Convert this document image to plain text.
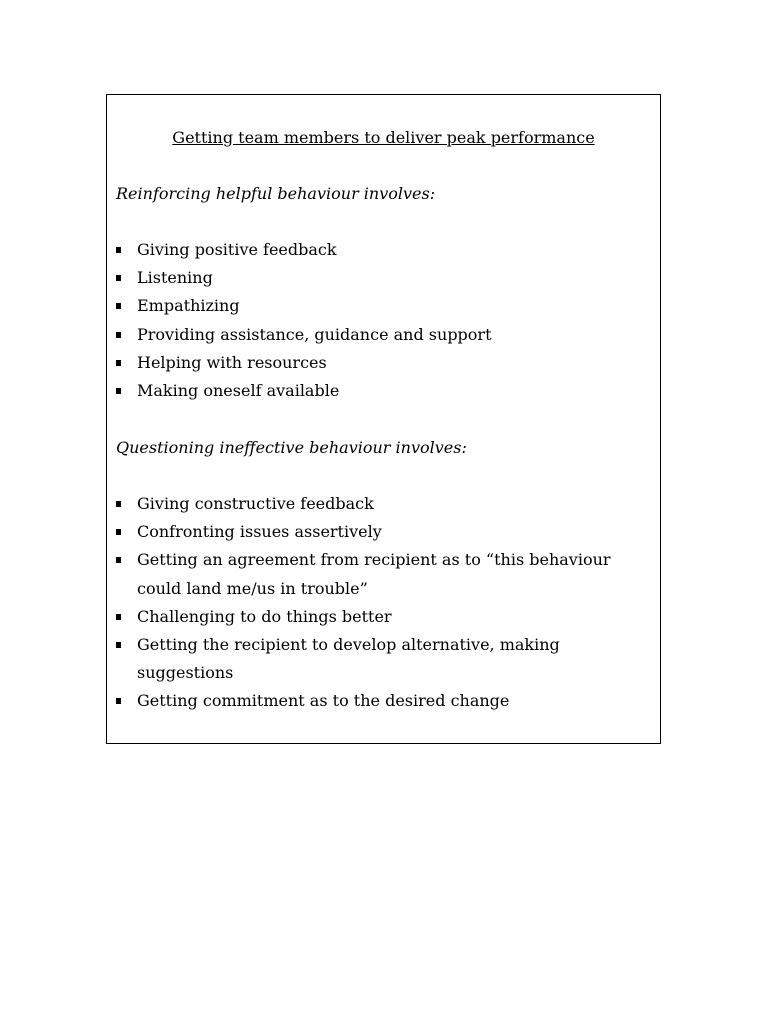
Getting team members to deliver peak performance

Reinforcing helpful behaviour involves:

Giving positive feedback
Listening
Empathizing
Providing assistance, guidance and support
Helping with resources
Making oneself available

Questioning ineffective behaviour involves:

Giving constructive feedback
Confronting issues assertively
Getting an agreement from recipient as to “this behaviour could land me/us in trouble”
Challenging to do things better
Getting the recipient to develop alternative, making suggestions
Getting commitment as to the desired change
